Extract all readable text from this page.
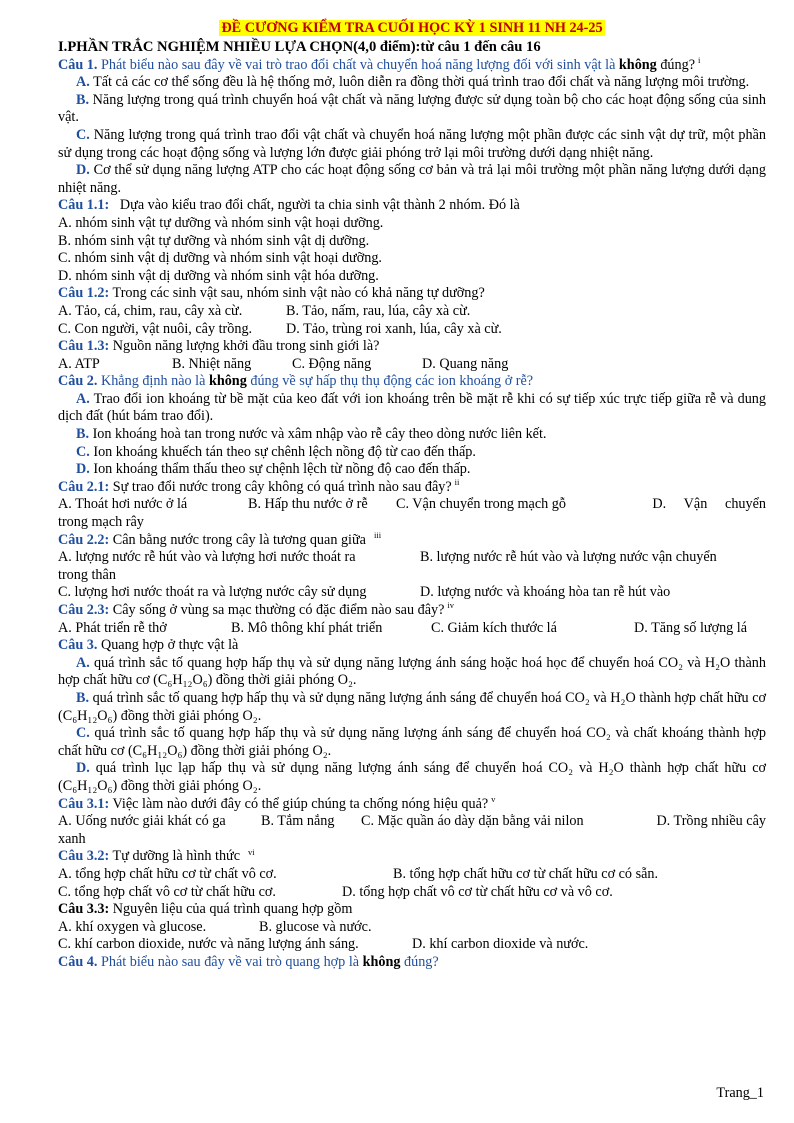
ĐỀ CƯƠNG KIỂM TRA CUỐI HỌC KỲ 1 SINH 11 NH 24-25

I.PHẦN TRẮC NGHIỆM NHIỀU LỰA CHỌN(4,0 điểm):từ câu 1 đến câu 16

Câu 1. Phát biểu nào sau đây về vai trò trao đổi chất và chuyển hoá năng lượng đối với sinh vật là không đúng? $^i$

A. Tất cả các cơ thể sống đều là hệ thống mở, luôn diễn ra đồng thời quá trình trao đổi chất và năng lượng môi trường.

B. Năng lượng trong quá trình chuyển hoá vật chất và năng lượng được sử dụng toàn bộ cho các hoạt động sống của sinh vật.

C. Năng lượng trong quá trình trao đổi vật chất và chuyển hoá năng lượng một phần được các sinh vật dự trữ, một phần sử dụng trong các hoạt động sống và lượng lớn được giải phóng trở lại môi trường dưới dạng nhiệt năng.

D. Cơ thể sử dụng năng lượng ATP cho các hoạt động sống cơ bản và trả lại môi trường một phần năng lượng dưới dạng nhiệt năng.

Câu 1.1:   Dựa vào kiểu trao đổi chất, người ta chia sinh vật thành 2 nhóm. Đó là

A. nhóm sinh vật tự dưỡng và nhóm sinh vật hoại dưỡng.

B. nhóm sinh vật tự dưỡng và nhóm sinh vật dị dưỡng.

C. nhóm sinh vật dị dưỡng và nhóm sinh vật hoại dưỡng.

D. nhóm sinh vật dị dưỡng và nhóm sinh vật hóa dưỡng.

Câu 1.2: Trong các sinh vật sau, nhóm sinh vật nào có khả năng tự dưỡng?

A. Tảo, cá, chim, rau, cây xà cừ.	B. Tảo, nấm, rau, lúa, cây xà cừ.
C. Con người, vật nuôi, cây trồng.	D. Tảo, trùng roi xanh, lúa, cây xà cừ.

Câu 1.3: Nguồn năng lượng khởi đầu trong sinh giới là?

A. ATP	B. Nhiệt năng	C. Động năng	D. Quang năng

Câu 2. Khẳng định nào là không đúng về sự hấp thụ thụ động các ion khoáng ở rễ?

A. Trao đổi ion khoáng từ bề mặt của keo đất với ion khoáng trên bề mặt rễ khi có sự tiếp xúc trực tiếp giữa rễ và dung dịch đất (hút bám trao đổi).

B. Ion khoáng hoà tan trong nước và xâm nhập vào rễ cây theo dòng nước liên kết.

C. Ion khoáng khuếch tán theo sự chênh lệch nồng độ từ cao đến thấp.

D. Ion khoáng thẩm thấu theo sự chệnh lệch từ nồng độ cao đến thấp.

Câu 2.1: Sự trao đổi nước trong cây không có quá trình nào sau đây? $^{ii}$

A. Thoát hơi nước ở lá	B. Hấp thu nước ở rễ	C. Vận chuyển trong mạch gỗ	D.     Vận     chuyển

trong mạch rây

Câu 2.2: Cân bằng nước trong cây là tương quan giữa $^{iii}$

A. lượng nước rễ hút vào và lượng hơi nước thoát ra	B. lượng nước rễ hút vào và lượng nước vận chuyển

trong thân

C. lượng hơi nước thoát ra và lượng nước cây sử dụng	D. lượng nước và khoáng hòa tan rễ hút vào

Câu 2.3: Cây sống ở vùng sa mạc thường có đặc điểm nào sau đây? $^{iv}$

A. Phát triển rễ thở	B. Mô thông khí phát triển	C. Giảm kích thước lá	D. Tăng số lượng lá

Câu 3. Quang hợp ở thực vật là

A. quá trình sắc tố quang hợp hấp thụ và sử dụng năng lượng ánh sáng hoặc hoá học để chuyển hoá CO₂ và H₂O thành hợp chất hữu cơ (C₆H₁₂O₆) đồng thời giải phóng O₂.

B. quá trình sắc tố quang hợp hấp thụ và sử dụng năng lượng ánh sáng để chuyển hoá CO₂ và H₂O thành hợp chất hữu cơ (C₆H₁₂O₆) đồng thời giải phóng O₂.

C. quá trình sắc tố quang hợp hấp thụ và sử dụng năng lượng ánh sáng để chuyển hoá CO₂ và chất khoáng thành hợp chất hữu cơ (C₆H₁₂O₆) đồng thời giải phóng O₂.

D. quá trình lục lạp hấp thụ và sử dụng năng lượng ánh sáng để chuyển hoá CO₂ và H₂O thành hợp chất hữu cơ (C₆H₁₂O₆) đồng thời giải phóng O₂.

Câu 3.1: Việc làm nào dưới đây có thể giúp chúng ta chống nóng hiệu quả? $^v$

A. Uống nước giải khát có ga	B. Tắm nắng	C. Mặc quần áo dày dặn bằng vải nilon	D. Trồng nhiều cây

xanh

Câu 3.2: Tự dưỡng là hình thức $^{vi}$

A. tổng hợp chất hữu cơ từ chất vô cơ.	B. tổng hợp chất hữu cơ từ chất hữu cơ có sẵn.
C. tổng hợp chất vô cơ từ chất hữu cơ.	D. tổng hợp chất vô cơ từ chất hữu cơ và vô cơ.

Câu 3.3: Nguyên liệu của quá trình quang hợp gồm

A. khí oxygen và glucose.	B. glucose và nước.
C. khí carbon dioxide, nước và năng lượng ánh sáng.	D. khí carbon dioxide và nước.

Câu 4. Phát biểu nào sau đây về vai trò quang hợp là không đúng?

Trang_1
